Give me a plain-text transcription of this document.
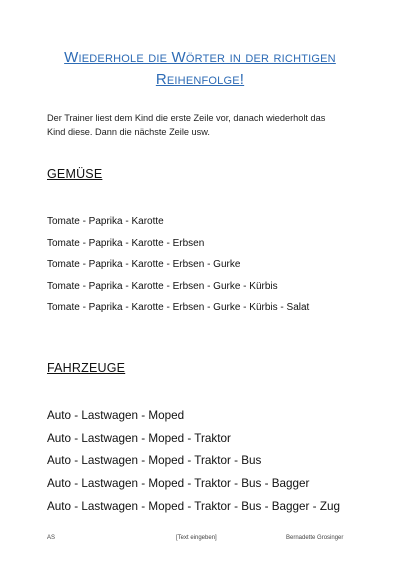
Wiederhole die Wörter in der richtigen
Reihenfolge!
Der Trainer liest dem Kind die erste Zeile vor, danach wiederholt das
Kind diese. Dann die nächste Zeile usw.
GEMÜSE
Tomate - Paprika - Karotte
Tomate - Paprika - Karotte - Erbsen
Tomate - Paprika - Karotte - Erbsen - Gurke
Tomate - Paprika - Karotte - Erbsen - Gurke - Kürbis
Tomate - Paprika - Karotte - Erbsen - Gurke - Kürbis - Salat
FAHRZEUGE
Auto - Lastwagen - Moped
Auto - Lastwagen - Moped - Traktor
Auto - Lastwagen - Moped - Traktor - Bus
Auto - Lastwagen - Moped - Traktor - Bus - Bagger
Auto - Lastwagen - Moped - Traktor - Bus - Bagger - Zug
AS	[Text eingeben]	Bernadette Grosinger
